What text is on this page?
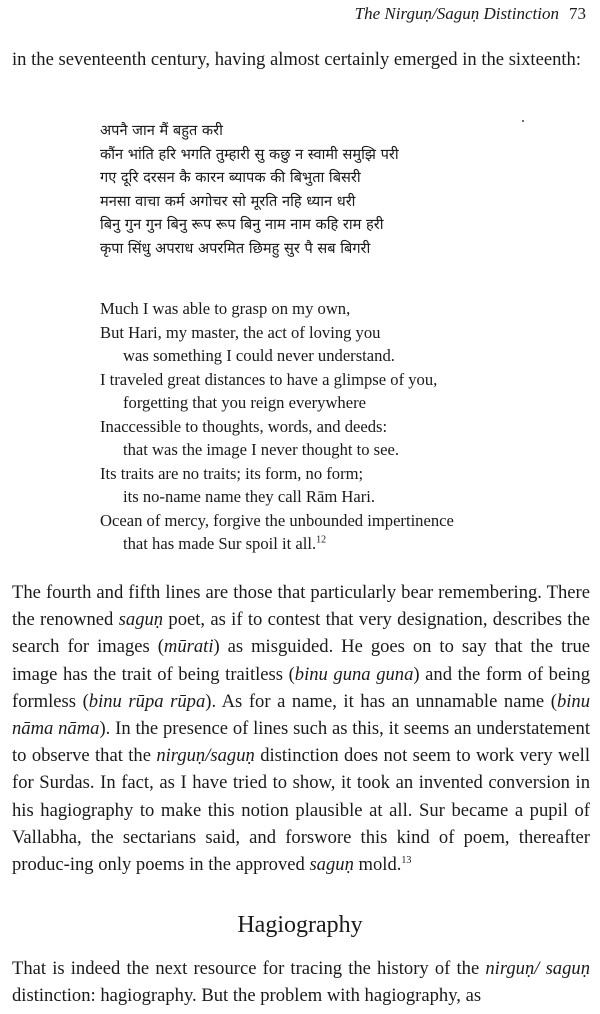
The Nirguṇ/Saguṇ Distinction 73

in the seventeenth century, having almost certainly emerged in the sixteenth:

अपनै जान मैं बहुत करी
कौंन भांति हरि भगति तुम्हारी सु कछु न स्वामी समुझि परी
गए दूरि दरसन कै कारन ब्यापक की बिभुता बिसरी
मनसा वाचा कर्म अगोचर सो मूरति नहि ध्यान धरी
बिनु गुन गुन बिनु रूप रूप बिनु नाम नाम कहि राम हरी
कृपा सिंधु अपराध अपरमित छिमहु सुर पै सब बिगरी
Much I was able to grasp on my own,
But Hari, my master, the act of loving you
was something I could never understand.
I traveled great distances to have a glimpse of you,
forgetting that you reign everywhere
Inaccessible to thoughts, words, and deeds:
that was the image I never thought to see.
Its traits are no traits; its form, no form;
its no-name name they call Rām Hari.
Ocean of mercy, forgive the unbounded impertinence
that has made Sur spoil it all.$^{12}$

The fourth and fifth lines are those that particularly bear remembering. There the renowned saguṇ poet, as if to contest that very designation, describes the search for images (mūrati) as misguided. He goes on to say that the true image has the trait of being traitless (binu guna guna) and the form of being formless (binu rūpa rūpa). As for a name, it has an unnamable name (binu nāma nāma). In the presence of lines such as this, it seems an understatement to observe that the nirguṇ/saguṇ distinction does not seem to work very well for Surdas. In fact, as I have tried to show, it took an invented conversion in his hagiography to make this notion plausible at all. Sur became a pupil of Vallabha, the sectarians said, and forswore this kind of poem, thereafter produc-ing only poems in the approved saguṇ mold.$^{13}$

Hagiography

That is indeed the next resource for tracing the history of the nirguṇ/ saguṇ distinction: hagiography. But the problem with hagiography, as
